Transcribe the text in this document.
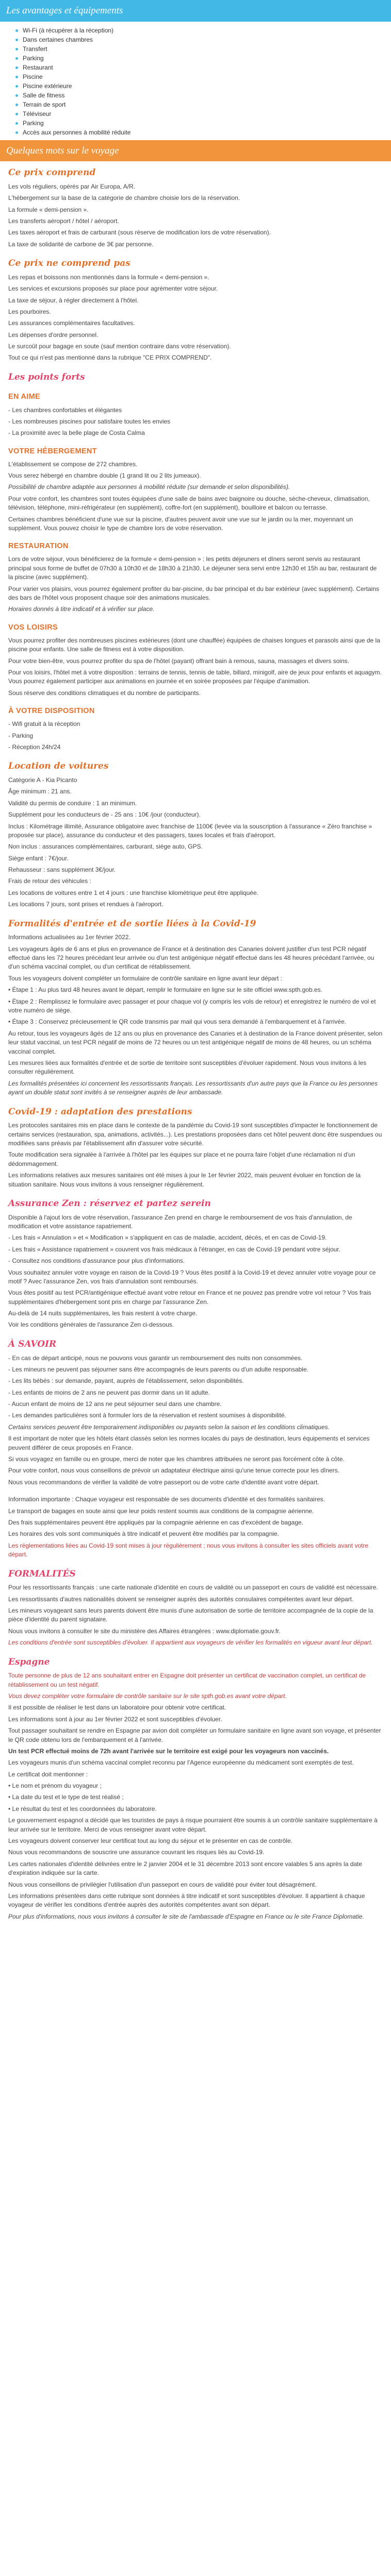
Les avantages et équipements
Wi-Fi (à récupérer à la réception)
Dans certaines chambres
Transfert
Parking
Restaurant
Piscine
Piscine extérieure
Salle de fitness
Terrain de sport
Téléviseur
Parking
Accès aux personnes à mobilité réduite
Quelques mots sur le voyage
Ce prix comprend

Les vols réguliers, opérés par Air Europa, A/R.

L'hébergement sur la base de la catégorie de chambre choisie lors de la réservation.

La formule « demi-pension ».

Les transferts aéroport / hôtel / aéroport.

Les taxes aéroport et frais de carburant (sous réserve de modification lors de votre réservation).

La taxe de solidarité de carbone de 3€ par personne.

Ce prix ne comprend pas

Les repas et boissons non mentionnés dans la formule « demi-pension ».

Les services et excursions proposés sur place pour agrémenter votre séjour.

La taxe de séjour, à régler directement à l'hôtel.

Les pourboires.

Les assurances complémentaires facultatives.

Les dépenses d'ordre personnel.

Le surcoût pour bagage en soute (sauf mention contraire dans votre réservation).

Tout ce qui n'est pas mentionné dans la rubrique "CE PRIX COMPREND".

Les points forts
EN AIME

- Les chambres confortables et élégantes

- Les nombreuses piscines pour satisfaire toutes les envies

- La proximité avec la belle plage de Costa Calma

VOTRE HÉBERGEMENT

L'établissement se compose de 272 chambres.

Vous serez hébergé en chambre double (1 grand lit ou 2 lits jumeaux).

Possibilité de chambre adaptée aux personnes à mobilité réduite (sur demande et selon disponibilités).

Pour votre confort, les chambres sont toutes équipées d'une salle de bains avec baignoire ou douche, sèche-cheveux, climatisation, télévision, téléphone, mini-réfrigérateur (en supplément), coffre-fort (en supplément), bouilloire et balcon ou terrasse.

Certaines chambres bénéficient d'une vue sur la piscine, d'autres peuvent avoir une vue sur le jardin ou la mer, moyennant un supplément. Vous pouvez choisir le type de chambre lors de votre réservation.

RESTAURATION

Lors de votre séjour, vous bénéficierez de la formule « demi-pension » : les petits déjeuners et dîners seront servis au restaurant principal sous forme de buffet de 07h30 à 10h30 et de 18h30 à 21h30. Le déjeuner sera servi entre 12h30 et 15h au bar, restaurant de la piscine (avec supplément).

Pour varier vos plaisirs, vous pourrez également profiter du bar-piscine, du bar principal et du bar extérieur (avec supplément). Certains des bars de l'hôtel vous proposent chaque soir des animations musicales.

Horaires donnés à titre indicatif et à vérifier sur place.

VOS LOISIRS

Vous pourrez profiter des nombreuses piscines extérieures (dont une chauffée) équipées de chaises longues et parasols ainsi que de la piscine pour enfants. Une salle de fitness est à votre disposition.

Pour votre bien-être, vous pourrez profiter du spa de l'hôtel (payant) offrant bain à remous, sauna, massages et divers soins.

Pour vos loisirs, l'hôtel met à votre disposition : terrains de tennis, tennis de table, billard, minigolf, aire de jeux pour enfants et aquagym. Vous pourrez également participer aux animations en journée et en soirée proposées par l'équipe d'animation.

Sous réserve des conditions climatiques et du nombre de participants.

À VOTRE DISPOSITION

- Wifi gratuit à la réception

- Parking

- Réception 24h/24

Location de voitures

Catégorie A - Kia Picanto

Âge minimum : 21 ans.

Validité du permis de conduire : 1 an minimum.

Supplément pour les conducteurs de - 25 ans : 10€ /jour (conducteur).

Inclus : Kilométrage illimité, Assurance obligatoire avec franchise de 1100€ (levée via la souscription à l'assurance « Zéro franchise » proposée sur place), assurance du conducteur et des passagers, taxes locales et frais d'aéroport.

Non inclus : assurances complémentaires, carburant, siège auto, GPS.

Siège enfant : 7€/jour.

Rehausseur : sans supplément 3€/jour.

Frais de retour des véhicules :

Les locations de voitures entre 1 et 4 jours : une franchise kilométrique peut être appliquée.

Les locations 7 jours, sont prises et rendues à l'aéroport.

Formalités d'entrée et de sortie liées à la Covid-19

Informations actualisées au 1er février 2022.

Les voyageurs âgés de 6 ans et plus en provenance de France et à destination des Canaries doivent justifier d'un test PCR négatif effectué dans les 72 heures précédant leur arrivée ou d'un test antigénique négatif effectué dans les 48 heures précédant l'arrivée, ou d'un schéma vaccinal complet, ou d'un certificat de rétablissement.

Tous les voyageurs doivent compléter un formulaire de contrôle sanitaire en ligne avant leur départ :

• Étape 1 : Au plus tard 48 heures avant le départ, remplir le formulaire en ligne sur le site officiel www.spth.gob.es.

• Étape 2 : Remplissez le formulaire avec passager et pour chaque vol (y compris les vols de retour) et enregistrez le numéro de vol et votre numéro de siège.

• Étape 3 : Conservez précieusement le QR code transmis par mail qui vous sera demandé à l'embarquement et à l'arrivée.

Au retour, tous les voyageurs âgés de 12 ans ou plus en provenance des Canaries et à destination de la France doivent présenter, selon leur statut vaccinal, un test PCR négatif de moins de 72 heures ou un test antigénique négatif de moins de 48 heures, ou un schéma vaccinal complet.

Les mesures liées aux formalités d'entrée et de sortie de territoire sont susceptibles d'évoluer rapidement. Nous vous invitons à les consulter régulièrement.

Les formalités présentées ici concernent les ressortissants français. Les ressortissants d'un autre pays que la France ou les personnes ayant un double statut sont invités à se renseigner auprès de leur ambassade.

Covid-19 : adaptation des prestations

Les protocoles sanitaires mis en place dans le contexte de la pandémie du Covid-19 sont susceptibles d'impacter le fonctionnement de certains services (restauration, spa, animations, activités...). Les prestations proposées dans cet hôtel peuvent donc être suspendues ou modifiées sans préavis par l'établissement afin d'assurer votre sécurité.

Toute modification sera signalée à l'arrivée à l'hôtel par les équipes sur place et ne pourra faire l'objet d'une réclamation ni d'un dédommagement.

Les informations relatives aux mesures sanitaires ont été mises à jour le 1er février 2022, mais peuvent évoluer en fonction de la situation sanitaire. Nous vous invitons à vous renseigner régulièrement.

Assurance Zen : réservez et partez serein

Disponible à l'ajout lors de votre réservation, l'assurance Zen prend en charge le remboursement de vos frais d'annulation, de modification et votre assistance rapatriement.

- Les frais « Annulation » et « Modification » s'appliquent en cas de maladie, accident, décès, et en cas de Covid-19.

- Les frais « Assistance rapatriement » couvrent vos frais médicaux à l'étranger, en cas de Covid-19 pendant votre séjour.

- Consultez nos conditions d'assurance pour plus d'informations.

Vous souhaitez annuler votre voyage en raison de la Covid-19 ? Vous êtes positif à la Covid-19 et devez annuler votre voyage pour ce motif ? Avec l'assurance Zen, vos frais d'annulation sont remboursés.

Vous êtes positif au test PCR/antigénique effectué avant votre retour en France et ne pouvez pas prendre votre vol retour ? Vos frais supplémentaires d'hébergement sont pris en charge par l'assurance Zen.

Au-delà de 14 nuits supplémentaires, les frais restent à votre charge.

Voir les conditions générales de l'assurance Zen ci-dessous.

À SAVOIR

- En cas de départ anticipé, nous ne pouvons vous garantir un remboursement des nuits non consommées.

- Les mineurs ne peuvent pas séjourner sans être accompagnés de leurs parents ou d'un adulte responsable.

- Les lits bébés : sur demande, payant, auprès de l'établissement, selon disponibilités.

- Les enfants de moins de 2 ans ne peuvent pas dormir dans un lit adulte.

- Aucun enfant de moins de 12 ans ne peut séjourner seul dans une chambre.

- Les demandes particulières sont à formuler lors de la réservation et restent soumises à disponibilité.

Certains services peuvent être temporairement indisponibles ou payants selon la saison et les conditions climatiques.

Il est important de noter que les hôtels étant classés selon les normes locales du pays de destination, leurs équipements et services peuvent différer de ceux proposés en France.

Si vous voyagez en famille ou en groupe, merci de noter que les chambres attribuées ne seront pas forcément côte à côte.

Pour votre confort, nous vous conseillons de prévoir un adaptateur électrique ainsi qu'une tenue correcte pour les dîners.

Nous vous recommandons de vérifier la validité de votre passeport ou de votre carte d'identité avant votre départ.

Information importante : Chaque voyageur est responsable de ses documents d'identité et des formalités sanitaires.

Le transport de bagages en soute ainsi que leur poids restent soumis aux conditions de la compagnie aérienne.

Des frais supplémentaires peuvent être appliqués par la compagnie aérienne en cas d'excédent de bagage.

Les horaires des vols sont communiqués à titre indicatif et peuvent être modifiés par la compagnie.

Les réglementations liées au Covid-19 sont mises à jour régulièrement ; nous vous invitons à consulter les sites officiels avant votre départ.

FORMALITÉS

Pour les ressortissants français : une carte nationale d'identité en cours de validité ou un passeport en cours de validité est nécessaire.

Les ressortissants d'autres nationalités doivent se renseigner auprès des autorités consulaires compétentes avant leur départ.

Les mineurs voyageant sans leurs parents doivent être munis d'une autorisation de sortie de territoire accompagnée de la copie de la pièce d'identité du parent signataire.

Nous vous invitons à consulter le site du ministère des Affaires étrangères : www.diplomatie.gouv.fr.

Les conditions d'entrée sont susceptibles d'évoluer. Il appartient aux voyageurs de vérifier les formalités en vigueur avant leur départ.

Espagne

Toute personne de plus de 12 ans souhaitant entrer en Espagne doit présenter un certificat de vaccination complet, un certificat de rétablissement ou un test négatif.

Vous devez compléter votre formulaire de contrôle sanitaire sur le site spth.gob.es avant votre départ.

Il est possible de réaliser le test dans un laboratoire pour obtenir votre certificat.

Les informations sont à jour au 1er février 2022 et sont susceptibles d'évoluer.

Tout passager souhaitant se rendre en Espagne par avion doit compléter un formulaire sanitaire en ligne avant son voyage, et présenter le QR code obtenu lors de l'embarquement et à l'arrivée.

Un test PCR effectué moins de 72h avant l'arrivée sur le territoire est exigé pour les voyageurs non vaccinés.

Les voyageurs munis d'un schéma vaccinal complet reconnu par l'Agence européenne du médicament sont exemptés de test.

Le certificat doit mentionner :

• Le nom et prénom du voyageur ;

• La date du test et le type de test réalisé ;

• Le résultat du test et les coordonnées du laboratoire.

Le gouvernement espagnol a décidé que les touristes de pays à risque pourraient être soumis à un contrôle sanitaire supplémentaire à leur arrivée sur le territoire. Merci de vous renseigner avant votre départ.

Les voyageurs doivent conserver leur certificat tout au long du séjour et le présenter en cas de contrôle.

Nous vous recommandons de souscrire une assurance couvrant les risques liés au Covid-19.

Les cartes nationales d'identité délivrées entre le 2 janvier 2004 et le 31 décembre 2013 sont encore valables 5 ans après la date d'expiration indiquée sur la carte.

Nous vous conseillons de privilégier l'utilisation d'un passeport en cours de validité pour éviter tout désagrément.

Les informations présentées dans cette rubrique sont données à titre indicatif et sont susceptibles d'évoluer. Il appartient à chaque voyageur de vérifier les conditions d'entrée auprès des autorités compétentes avant son départ.

Pour plus d'informations, nous vous invitons à consulter le site de l'ambassade d'Espagne en France ou le site France Diplomatie.
